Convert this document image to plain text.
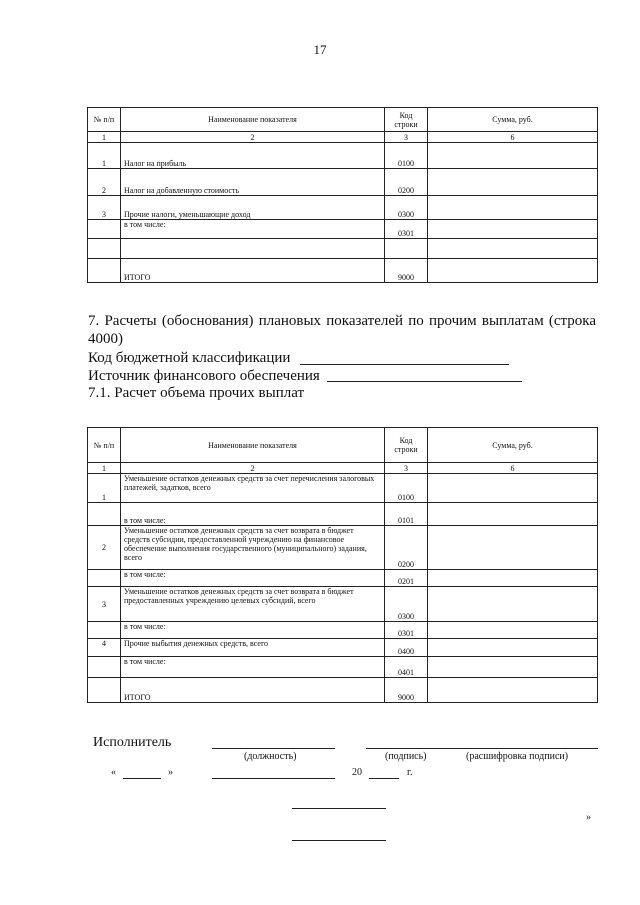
17
№ п/п	Наименование показателя	Код строки	Сумма, руб.
1	2	3	6
1	Налог на прибыль	0100	
2	Налог на добавленную стоимость	0200	
3	Прочие налоги, уменьшающие доход	0300	
	в том числе:	0301	

	ИТОГО	9000	
7. Расчеты (обоснования) плановых показателей по прочим выплатам (строка 4000)
Код бюджетной классификации
Источник финансового обеспечения
7.1. Расчет объема прочих выплат
№ п/п	Наименование показателя	Код строки	Сумма, руб.
1	2	3	6
1	Уменьшение остатков денежных средств за счет перечисления залоговых платежей, задатков, всего	0100	
	в том числе:	0101	
2	Уменьшение остатков денежных средств за счет возврата в бюджет средств субсидии, предоставленной учреждению на финансовое обеспечение выполнения государственного (муниципального) задания, всего	0200	
	в том числе:	0201	
3	Уменьшение остатков денежных средств за счет возврата в бюджет предоставленных учреждению целевых субсидий, всего	0300	
	в том числе:	0301	
4	Прочие выбытия денежных средств, всего	0400	
	в том числе:	0401	
	ИТОГО	9000	
Исполнитель
(должность)	(подпись)	(расшифровка подписи)
«	»	20	г.
»
